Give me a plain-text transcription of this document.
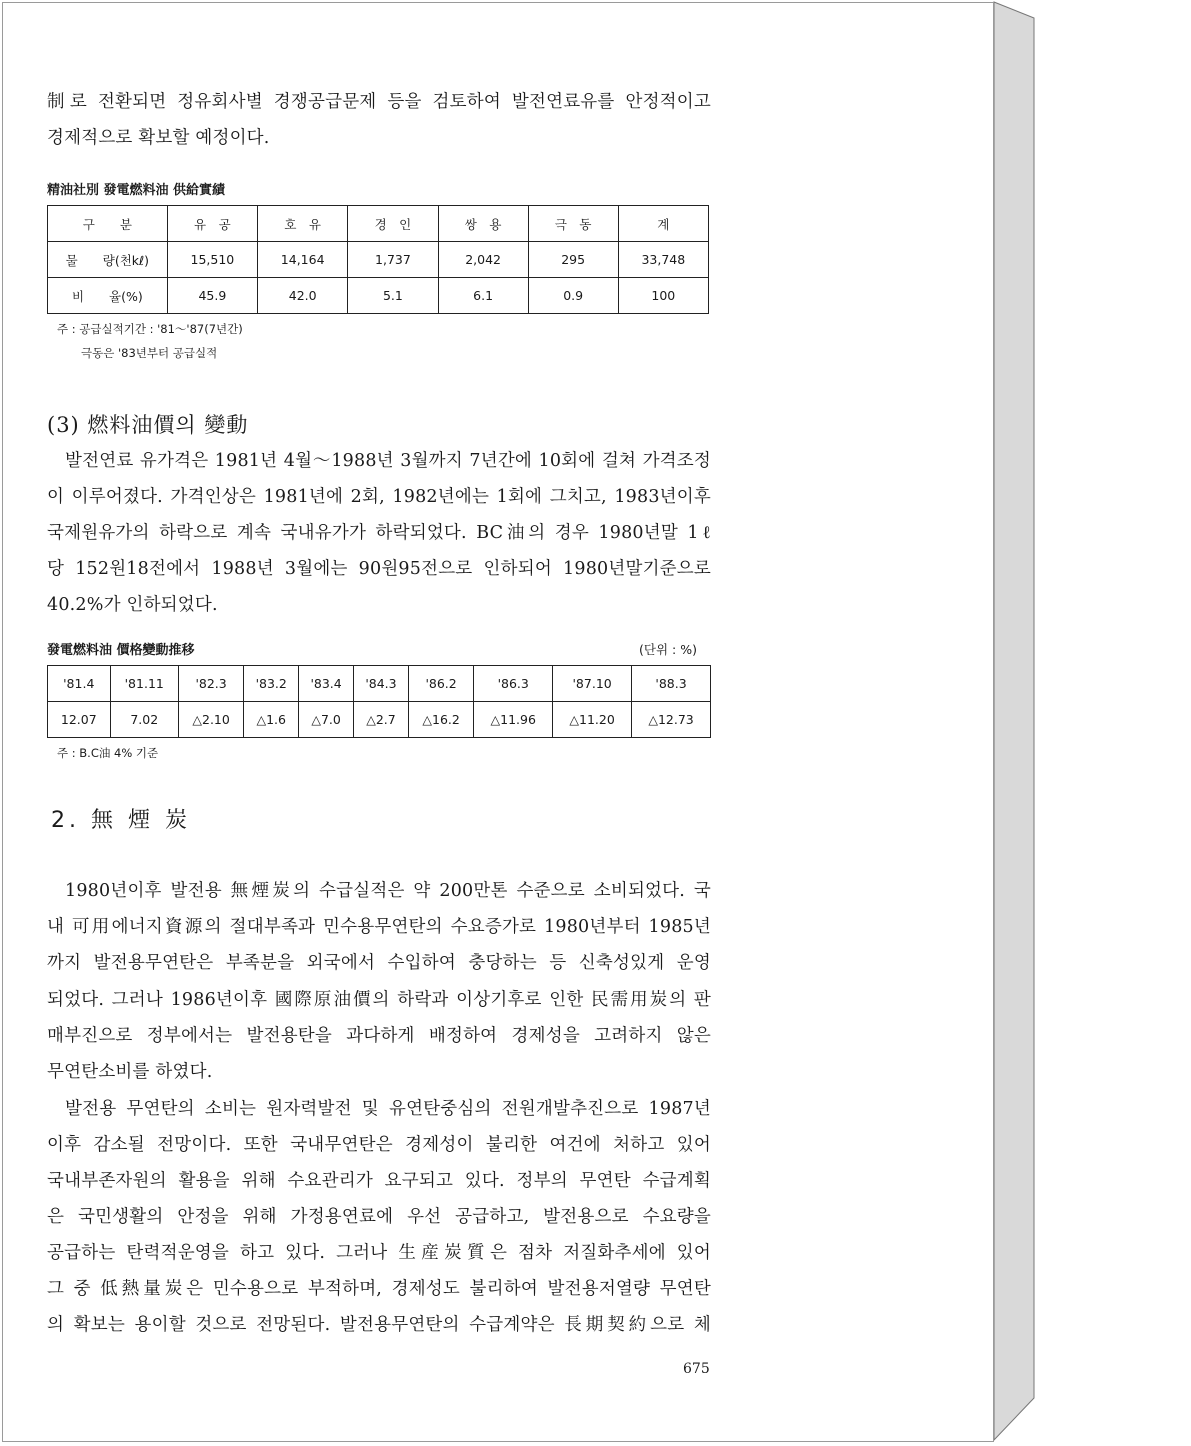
制로 전환되면 정유회사별 경쟁공급문제 등을 검토하여 발전연료유를 안정적이고

경제적으로 확보할 예정이다.

精油社別 發電燃料油 供給實績
구　　분	유　공	호　유	경　인	쌍　용	극　동	계
물　　량(천kℓ)	15,510	14,164	1,737	2,042	295	33,748
비　　율(%)	45.9	42.0	5.1	6.1	0.9	100
주 : 공급실적기간 : '81～'87(7년간)
극동은 '83년부터 공급실적
(3) 燃料油價의 變動

발전연료 유가격은 1981년 4월～1988년 3월까지 7년간에 10회에 걸쳐 가격조정

이 이루어졌다. 가격인상은 1981년에 2회, 1982년에는 1회에 그치고, 1983년이후

국제원유가의 하락으로 계속 국내유가가 하락되었다. BC油의 경우 1980년말 1ℓ

당 152원18전에서 1988년 3월에는 90원95전으로 인하되어 1980년말기준으로

40.2%가 인하되었다.

發電燃料油 價格變動推移	(단위 : %)
'81.4	'81.11	'82.3	'83.2	'83.4	'84.3	'86.2	'86.3	'87.10	'88.3
12.07	7.02	△2.10	△1.6	△7.0	△2.7	△16.2	△11.96	△11.20	△12.73
주 : B.C油 4% 기준
2. 無 煙 炭

1980년이후 발전용 無煙炭의 수급실적은 약 200만톤 수준으로 소비되었다. 국

내 可用에너지資源의 절대부족과 민수용무연탄의 수요증가로 1980년부터 1985년

까지 발전용무연탄은 부족분을 외국에서 수입하여 충당하는 등 신축성있게 운영

되었다. 그러나 1986년이후 國際原油價의 하락과 이상기후로 인한 民需用炭의 판

매부진으로 정부에서는 발전용탄을 과다하게 배정하여 경제성을 고려하지 않은

무연탄소비를 하였다.

발전용 무연탄의 소비는 원자력발전 및 유연탄중심의 전원개발추진으로 1987년

이후 감소될 전망이다. 또한 국내무연탄은 경제성이 불리한 여건에 처하고 있어

국내부존자원의 활용을 위해 수요관리가 요구되고 있다. 정부의 무연탄 수급계획

은 국민생활의 안정을 위해 가정용연료에 우선 공급하고, 발전용으로 수요량을

공급하는 탄력적운영을 하고 있다. 그러나 生産炭質은 점차 저질화추세에 있어

그 중 低熱量炭은 민수용으로 부적하며, 경제성도 불리하여 발전용저열량 무연탄

의 확보는 용이할 것으로 전망된다. 발전용무연탄의 수급계약은 長期契約으로 체

675
